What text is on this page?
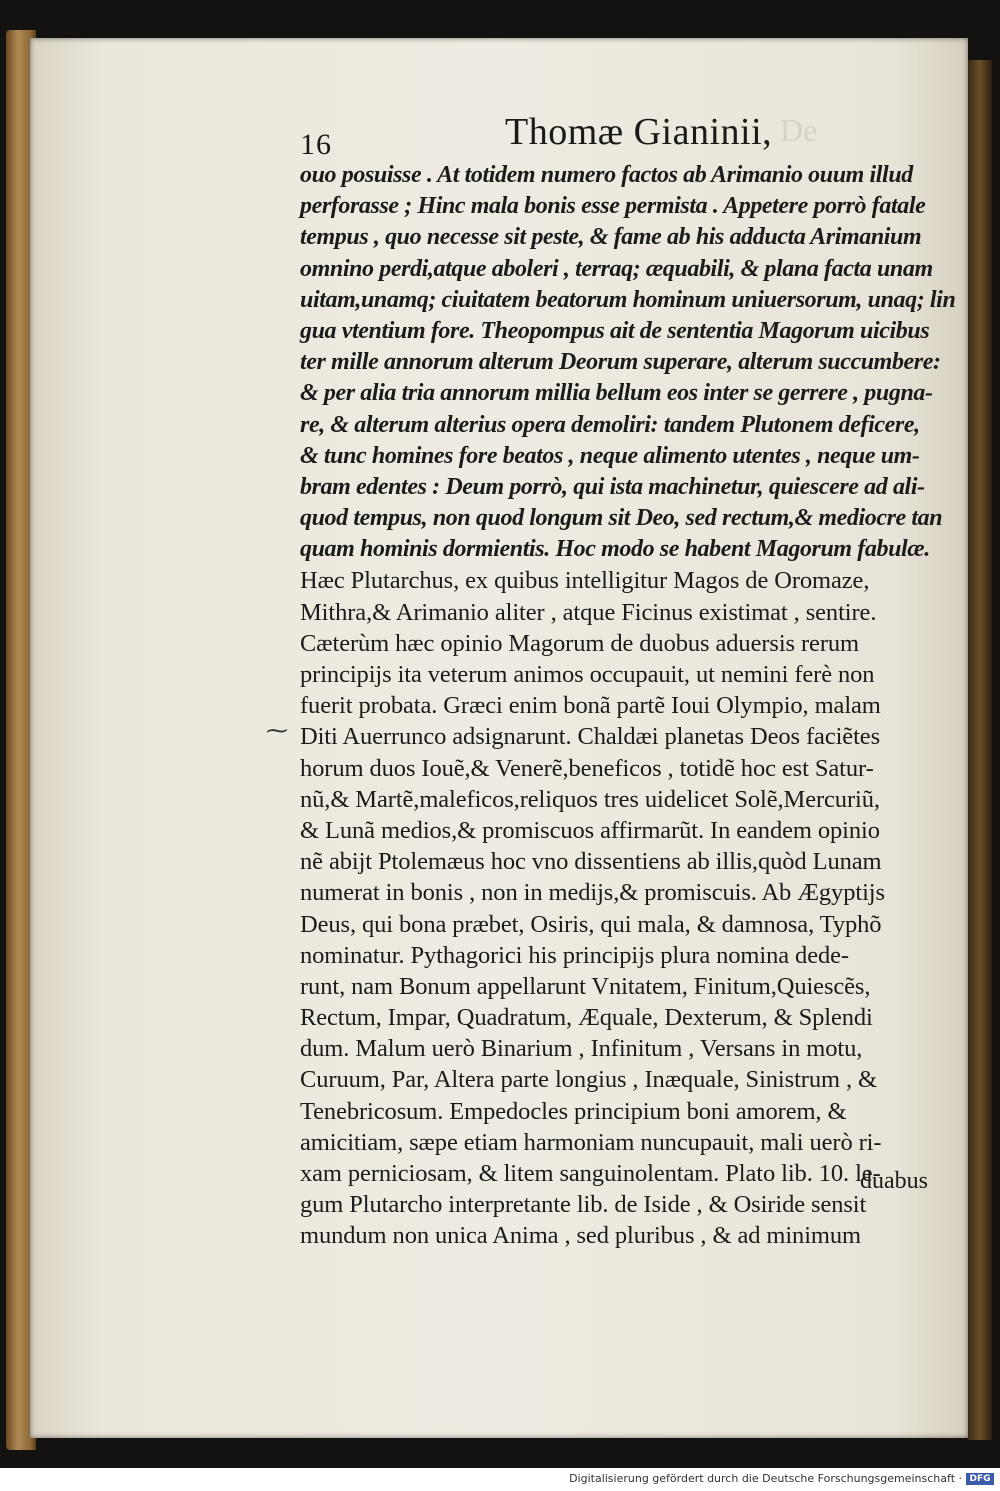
16	Thomæ Gianinii, De
⁓
ouo posuisse . At totidem numero factos ab Arimanio ouum illud
perforasse ; Hinc mala bonis esse permista . Appetere porrò fatale
tempus , quo necesse sit peste, & fame ab his adducta Arimanium
omnino perdi,atque aboleri , terraq; æquabili, & plana facta unam
uitam,unamq; ciuitatem beatorum hominum uniuersorum, unaq; lin
gua vtentium fore. Theopompus ait de sententia Magorum uicibus
ter mille annorum alterum Deorum superare, alterum succumbere:
& per alia tria annorum millia bellum eos inter se gerrere , pugna-
re, & alterum alterius opera demoliri: tandem Plutonem deficere,
& tunc homines fore beatos , neque alimento utentes , neque um-
bram edentes : Deum porrò, qui ista machinetur, quiescere ad ali-
quod tempus, non quod longum sit Deo, sed rectum,& mediocre tan
quam hominis dormientis. Hoc modo se habent Magorum fabulæ.
Hæc Plutarchus, ex quibus intelligitur Magos de Oromaze,
Mithra,& Arimanio aliter , atque Ficinus existimat , sentire.
Cæterùm hæc opinio Magorum de duobus aduersis rerum
principijs ita veterum animos occupauit, ut nemini ferè non
fuerit probata. Græci enim bonã partẽ Ioui Olympio, malam
Diti Auerrunco adsignarunt. Chaldæi planetas Deos faciẽtes
horum duos Iouẽ,& Venerẽ,beneficos , totidẽ hoc est Satur-
nũ,& Martẽ,maleficos,reliquos tres uidelicet Solẽ,Mercuriũ,
& Lunã medios,& promiscuos affirmarũt. In eandem opinio
nẽ abijt Ptolemæus hoc vno dissentiens ab illis,quòd Lunam
numerat in bonis , non in medijs,& promiscuis. Ab Ægyptijs
Deus, qui bona præbet, Osiris, qui mala, & damnosa, Typhõ
nominatur. Pythagorici his principijs plura nomina dede-
runt, nam Bonum appellarunt Vnitatem, Finitum,Quiescẽs,
Rectum, Impar, Quadratum, Æquale, Dexterum, & Splendi
dum. Malum uerò Binarium , Infinitum , Versans in motu,
Curuum, Par, Altera parte longius , Inæquale, Sinistrum , &
Tenebricosum. Empedocles principium boni amorem, &
amicitiam, sæpe etiam harmoniam nuncupauit, mali uerò ri-
xam perniciosam, & litem sanguinolentam. Plato lib. 10. le-
gum Plutarcho interpretante lib. de Iside , & Osiride sensit
mundum non unica Anima , sed pluribus , & ad minimum
duabus
Digitalisierung gefördert durch die Deutsche Forschungsgemeinschaft · DFG
